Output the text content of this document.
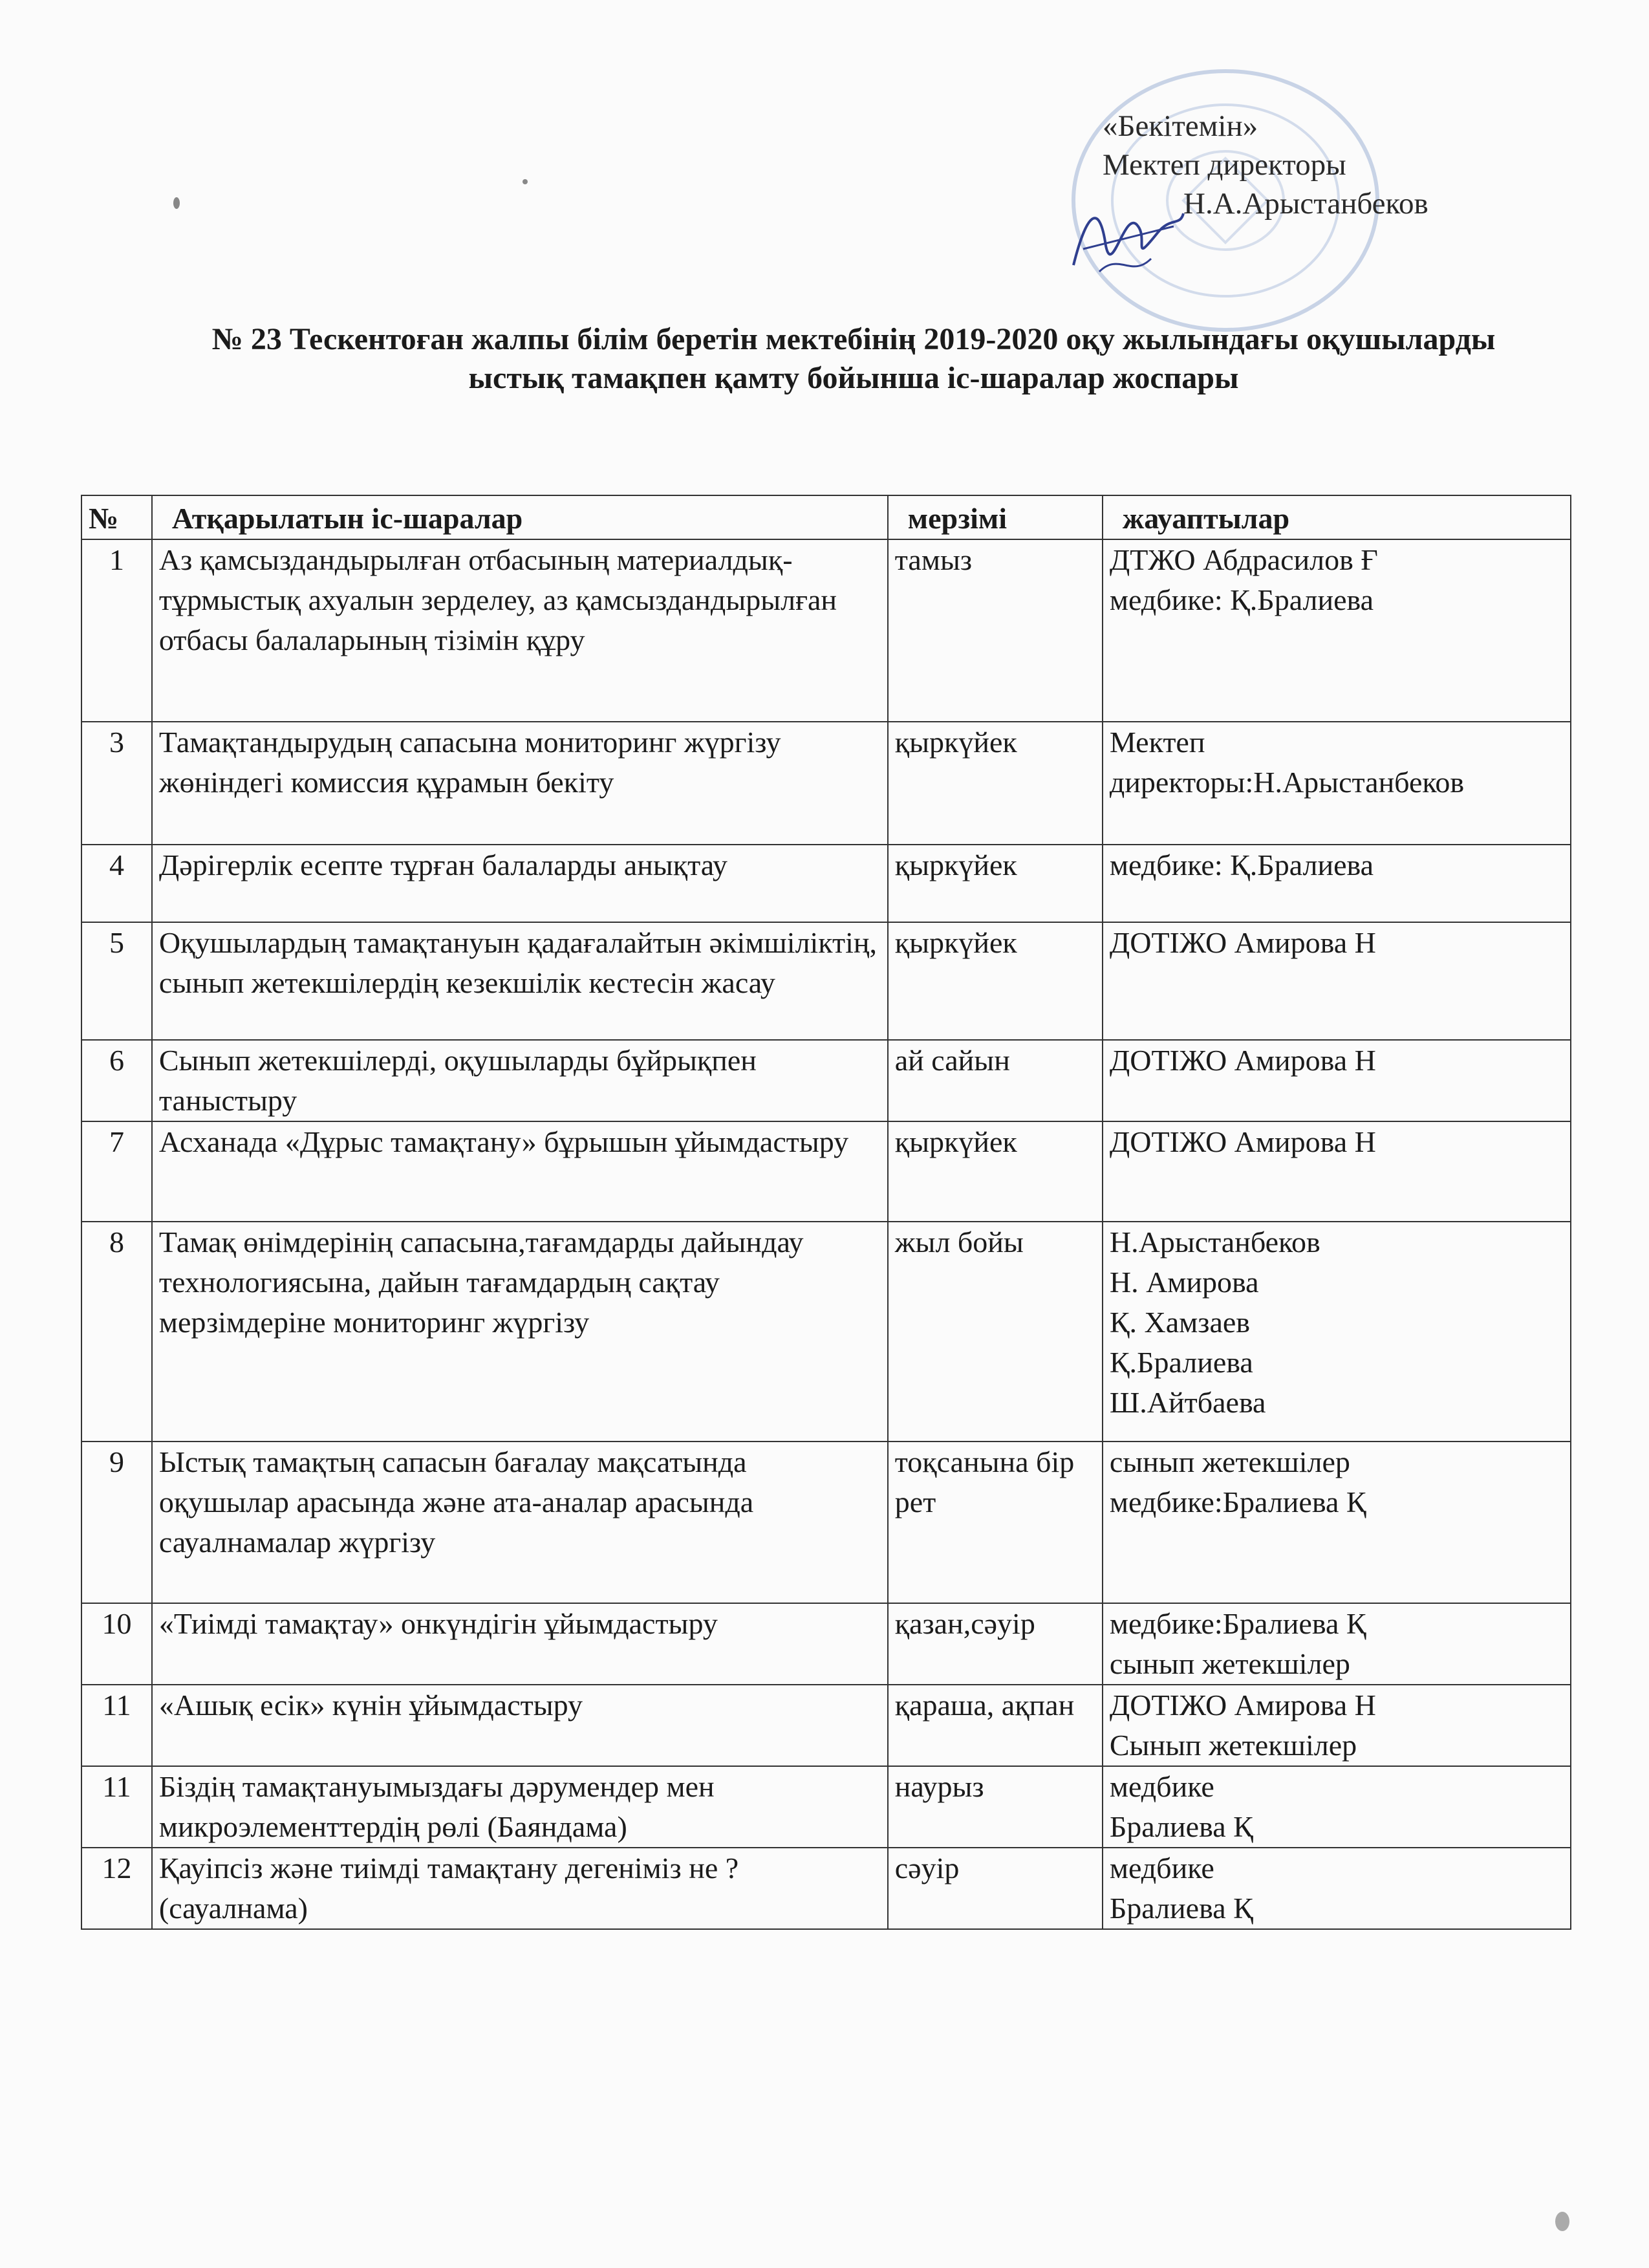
«Бекітемін»
Мектеп директоры
Н.А.Арыстанбеков
№ 23 Тескентоған жалпы білім беретін мектебінің 2019-2020 оқу жылындағы оқушыларды ыстық тамақпен қамту бойынша іс-шаралар жоспары
№	Атқарылатын іс-шаралар	мерзімі	жауаптылар
1	Аз қамсыздандырылған отбасының материалдық-тұрмыстық ахуалын зерделеу, аз қамсыздандырылған отбасы балаларының тізімін құру	тамыз	ДТЖО Абдрасилов Ғ
медбике: Қ.Бралиева

3	Тамақтандырудың сапасына мониторинг жүргізу жөніндегі комиссия құрамын бекіту	қыркүйек	Мектеп директоры:Н.Арыстанбеков

4	Дәрігерлік есепте тұрған балаларды анықтау	қыркүйек	медбике: Қ.Бралиева

5	Оқушылардың тамақтануын қадағалайтын әкімшіліктің, сынып жетекшілердің кезекшілік кестесін жасау	қыркүйек	ДОТІЖО Амирова Н

6	Сынып жетекшілерді, оқушыларды бұйрықпен таныстыру	ай сайын	ДОТІЖО Амирова Н

7	Асханада «Дұрыс тамақтану» бұрышын ұйымдастыру	қыркүйек	ДОТІЖО Амирова Н

8	Тамақ өнімдерінің сапасына,тағамдарды дайындау технологиясына, дайын тағамдардың сақтау мерзімдеріне мониторинг жүргізу	жыл бойы	Н.Арыстанбеков
Н. Амирова
Қ. Хамзаев
Қ.Бралиева
Ш.Айтбаева

9	Ыстық тамақтың сапасын бағалау мақсатында оқушылар арасында және ата-аналар арасында сауалнамалар жүргізу	тоқсанына бір рет	сынып жетекшілер
медбике:Бралиева Қ

10	«Тиімді тамақтау» онкүндігін ұйымдастыру	қазан,сәуір	медбике:Бралиева Қ
сынып жетекшілер

11	«Ашық есік» күнін ұйымдастыру	қараша, ақпан	ДОТІЖО Амирова Н
Сынып жетекшілер

11	Біздің тамақтануымыздағы дәрумендер мен микроэлементтердің рөлі (Баяндама)	наурыз	медбике
Бралиева Қ

12	Қауіпсіз және тиімді тамақтану дегеніміз не ? (сауалнама)	сәуір	медбике
Бралиева Қ
